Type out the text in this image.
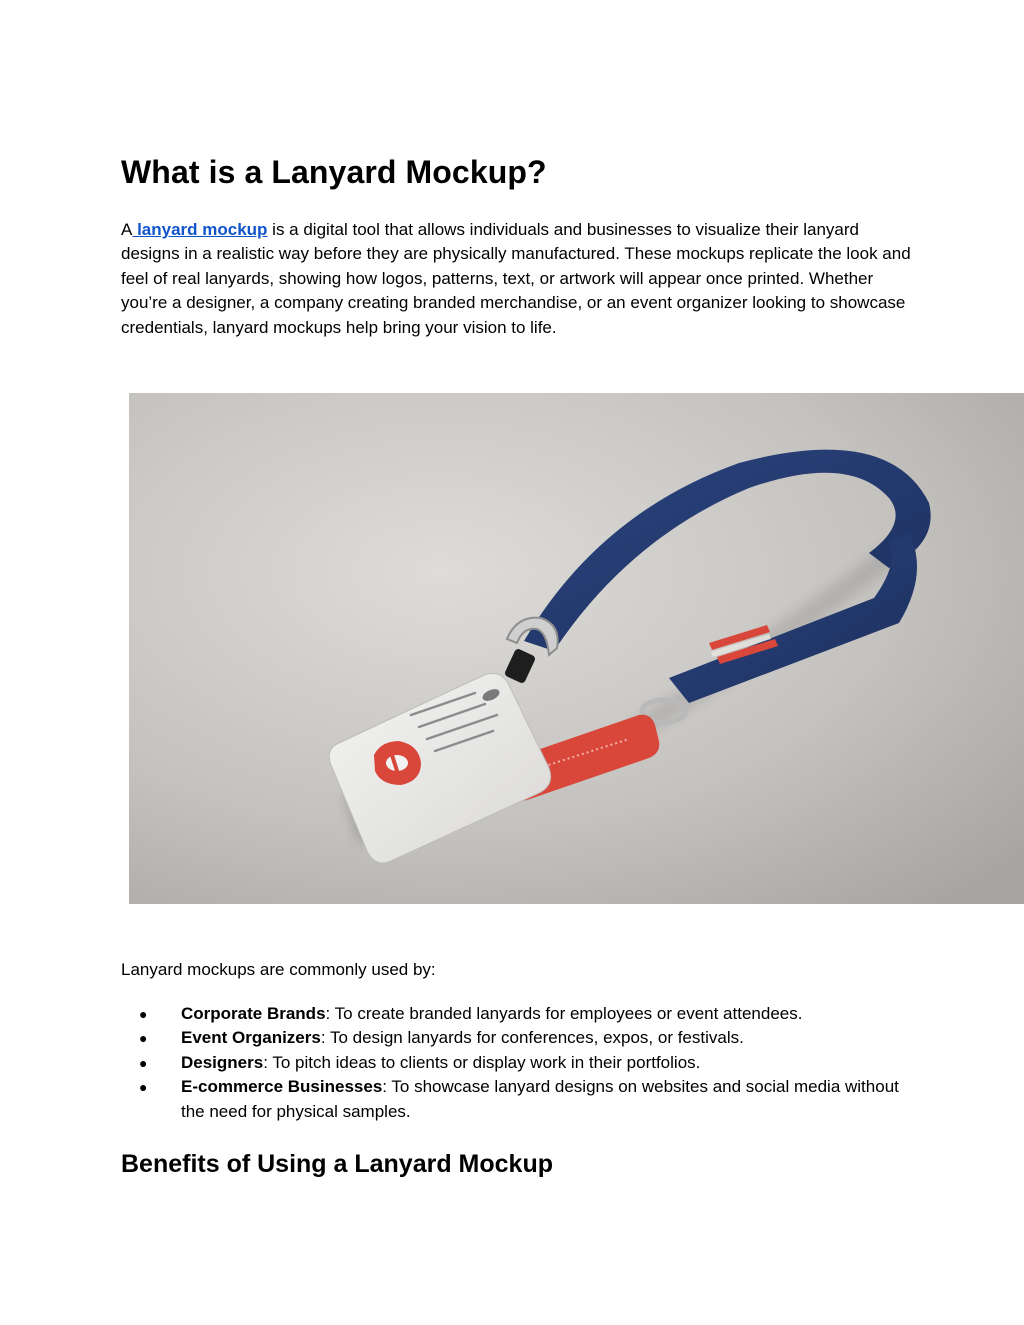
What is a Lanyard Mockup?

A lanyard mockup is a digital tool that allows individuals and businesses to visualize their lanyard designs in a realistic way before they are physically manufactured. These mockups replicate the look and feel of real lanyards, showing how logos, patterns, text, or artwork will appear once printed. Whether you’re a designer, a company creating branded merchandise, or an event organizer looking to showcase credentials, lanyard mockups help bring your vision to life.

Lanyard mockups are commonly used by:

● Corporate Brands: To create branded lanyards for employees or event attendees.
● Event Organizers: To design lanyards for conferences, expos, or festivals.
● Designers: To pitch ideas to clients or display work in their portfolios.
● E-commerce Businesses: To showcase lanyard designs on websites and social media without the need for physical samples.
Benefits of Using a Lanyard Mockup
